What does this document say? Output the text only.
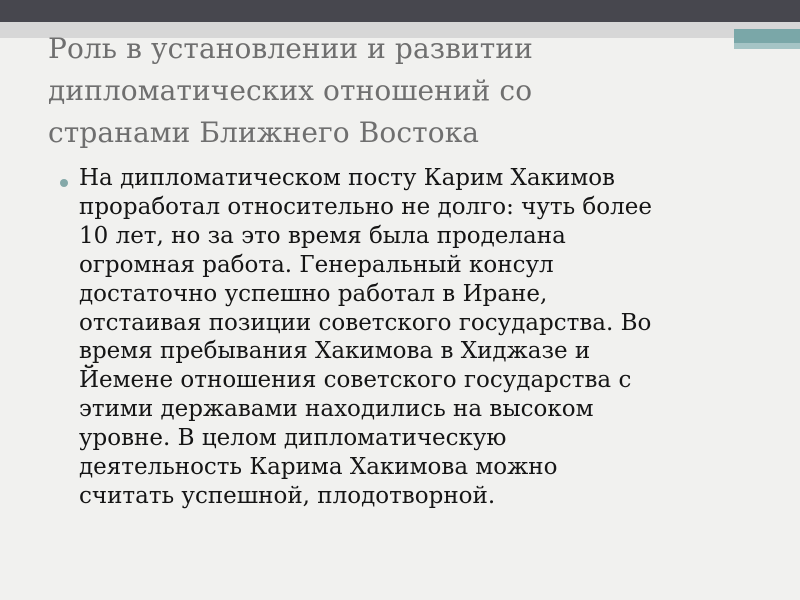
Роль в установлении и развитии
дипломатических отношений со
странами Ближнего Востока
На дипломатическом посту Карим Хакимов
проработал относительно не долго: чуть более
10 лет, но за это время была проделана
огромная работа. Генеральный консул
достаточно успешно работал в Иране,
отстаивая позиции советского государства. Во
время пребывания Хакимова в Хиджазе и
Йемене отношения советского государства с
этими державами находились на высоком
уровне. В целом дипломатическую
деятельность Карима Хакимова можно
считать успешной, плодотворной.
